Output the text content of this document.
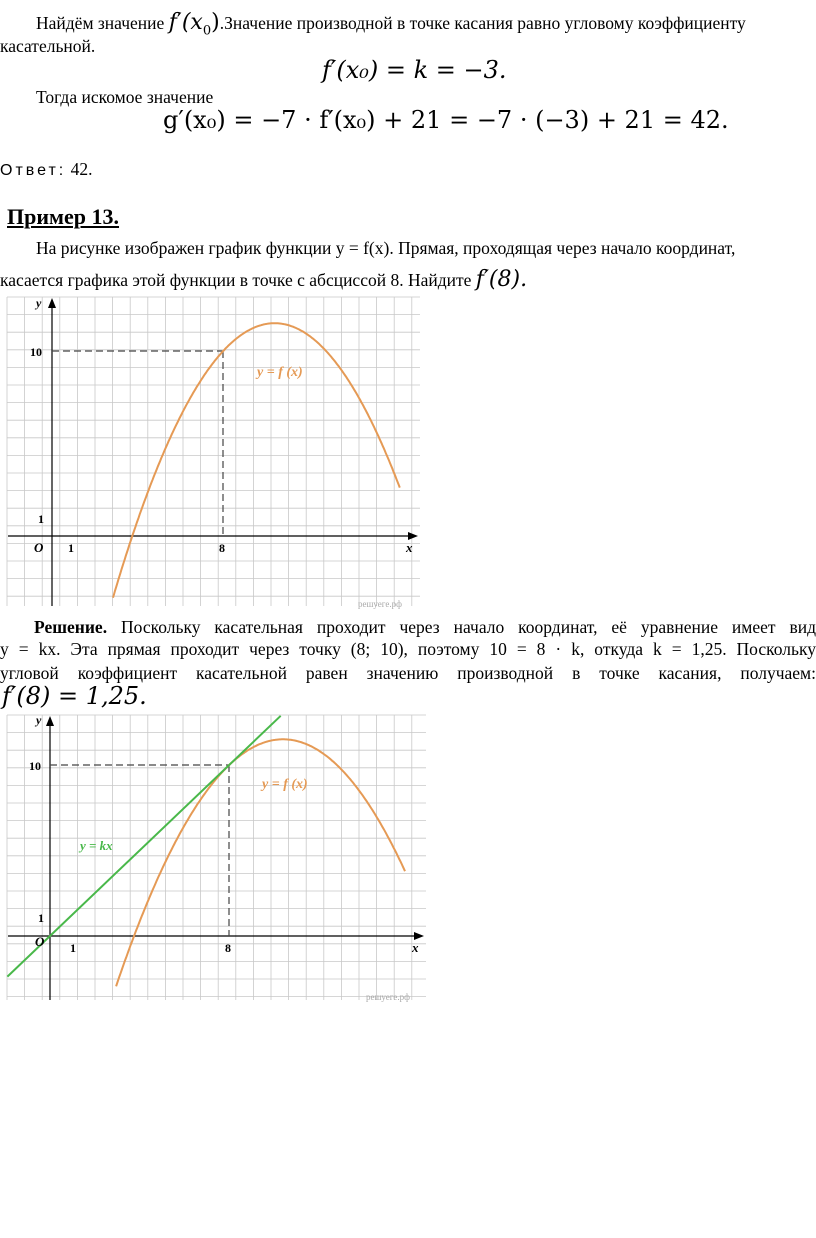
Найдём значение $f'(x_0).Значение$ производной в точке касания равно угловому коэффициенту
касательной.
f′(x₀) = k = −3.
Тогда искомое значение
g′(x₀) = −7 · f′(x₀) + 21 = −7 · (−3) + 21 = 42.
Ответ: 42.
Пример 13.
На рисунке изображен график функции y = f(x). Прямая, проходящая через начало координат,
касается графика этой функции в точке с абсциссой 8. Найдите f′(8).
y
x
O 1	8
1
10
y = f (x)
решуеге.рф
Решение. Поскольку касательная проходит через начало координат, её уравнение имеет вид
y = kx. Эта прямая проходит через точку (8; 10), поэтому 10 = 8 · k, откуда k = 1,25. Поскольку
угловой коэффициент касательной равен значению производной в точке касания, получаем:
f′(8) = 1,25.
y
x
O 1	8
1
10
y = f (x)
y = kx
решуеге.рф
